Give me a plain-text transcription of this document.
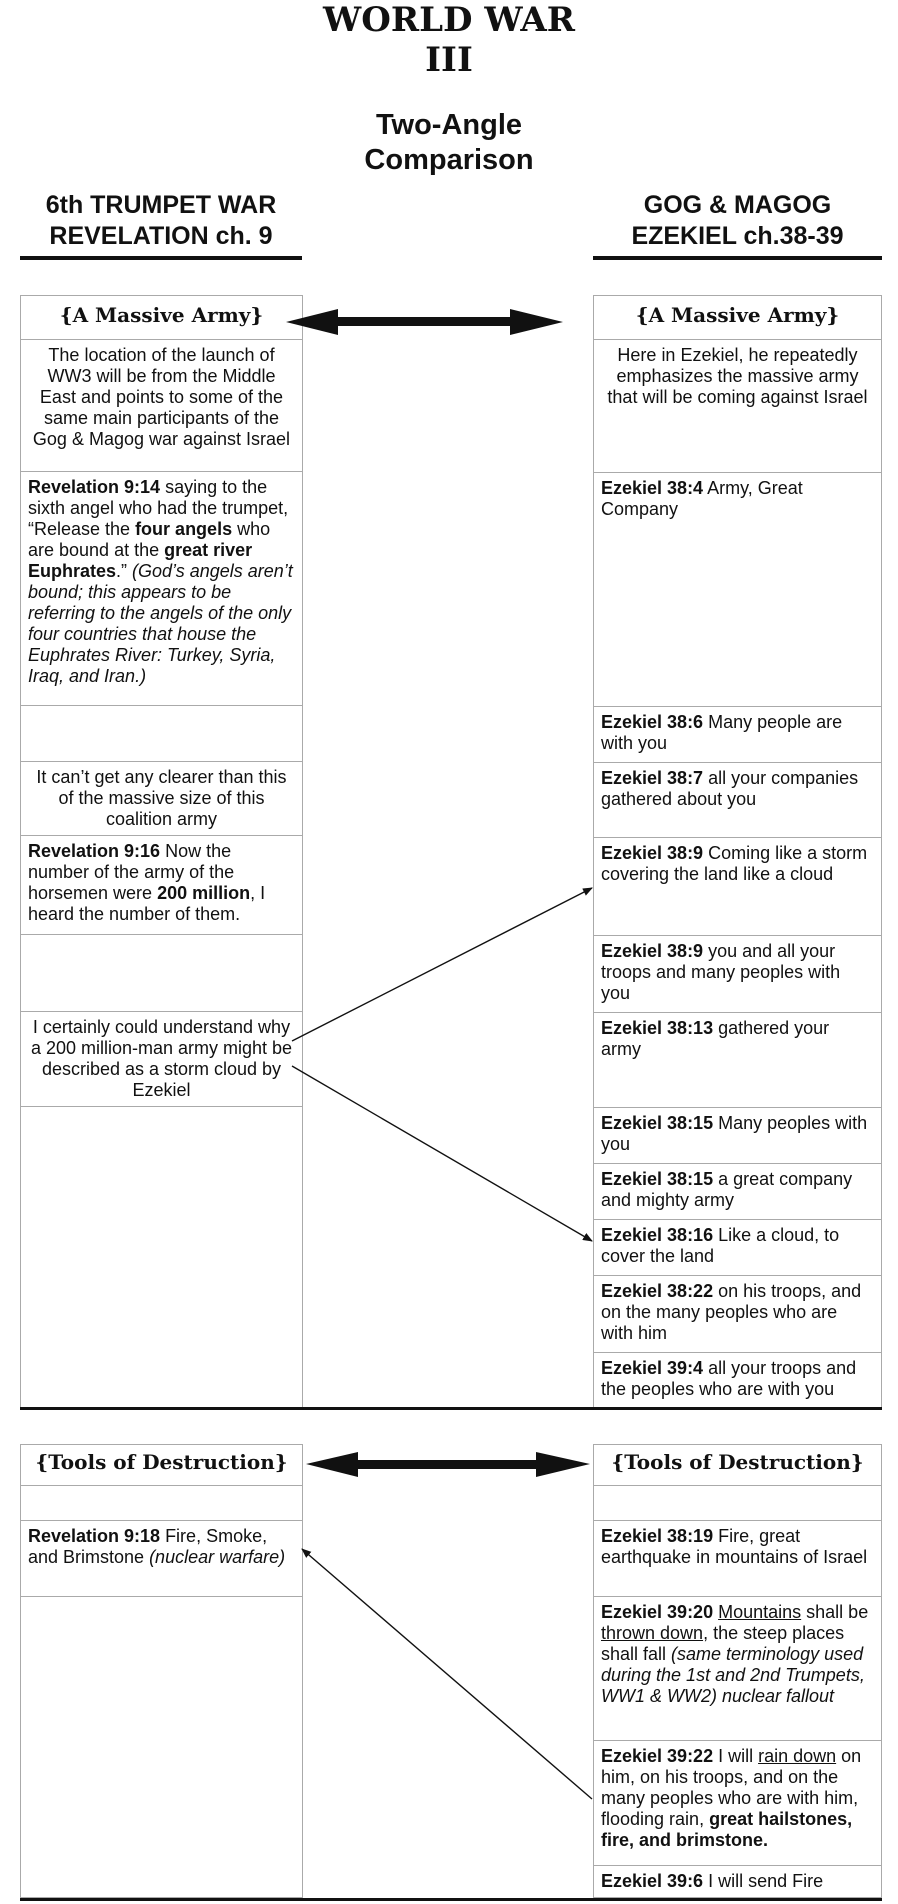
WORLD WAR
III
Two-Angle
Comparison
6th TRUMPET WAR
REVELATION ch. 9
GOG & MAGOG
EZEKIEL ch.38-39
{A Massive Army}
The location of the launch of WW3 will be from the Middle East and points to some of the same main participants of the Gog & Magog war against Israel
Revelation 9:14 saying to the sixth angel who had the trumpet, “Release the four angels who are bound at the great river Euphrates.” (God’s angels aren’t bound; this appears to be referring to the angels of the only four countries that house the Euphrates River: Turkey, Syria, Iraq, and Iran.)
It can’t get any clearer than this of the massive size of this coalition army
Revelation 9:16 Now the number of the army of the horsemen were 200 million, I heard the number of them.
I certainly could understand why a 200 million-man army might be described as a storm cloud by Ezekiel
{A Massive Army}
Here in Ezekiel, he repeatedly emphasizes the massive army that will be coming against Israel
Ezekiel 38:4 Army, Great Company
Ezekiel 38:6 Many people are with you
Ezekiel 38:7 all your companies gathered about you
Ezekiel 38:9 Coming like a storm covering the land like a cloud
Ezekiel 38:9 you and all your troops and many peoples with you
Ezekiel 38:13 gathered your army
Ezekiel 38:15 Many peoples with you
Ezekiel 38:15 a great company and mighty army
Ezekiel 38:16 Like a cloud, to cover the land
Ezekiel 38:22 on his troops, and on the many peoples who are with him
Ezekiel 39:4 all your troops and the peoples who are with you
{Tools of Destruction}
Revelation 9:18 Fire, Smoke, and Brimstone (nuclear warfare)
{Tools of Destruction}
Ezekiel 38:19 Fire, great earthquake in mountains of Israel
Ezekiel 39:20 Mountains shall be thrown down, the steep places shall fall (same terminology used during the 1st and 2nd Trumpets, WW1 & WW2) nuclear fallout
Ezekiel 39:22 I will rain down on him, on his troops, and on the many peoples who are with him, flooding rain, great hailstones, fire, and brimstone.
Ezekiel 39:6 I will send Fire
